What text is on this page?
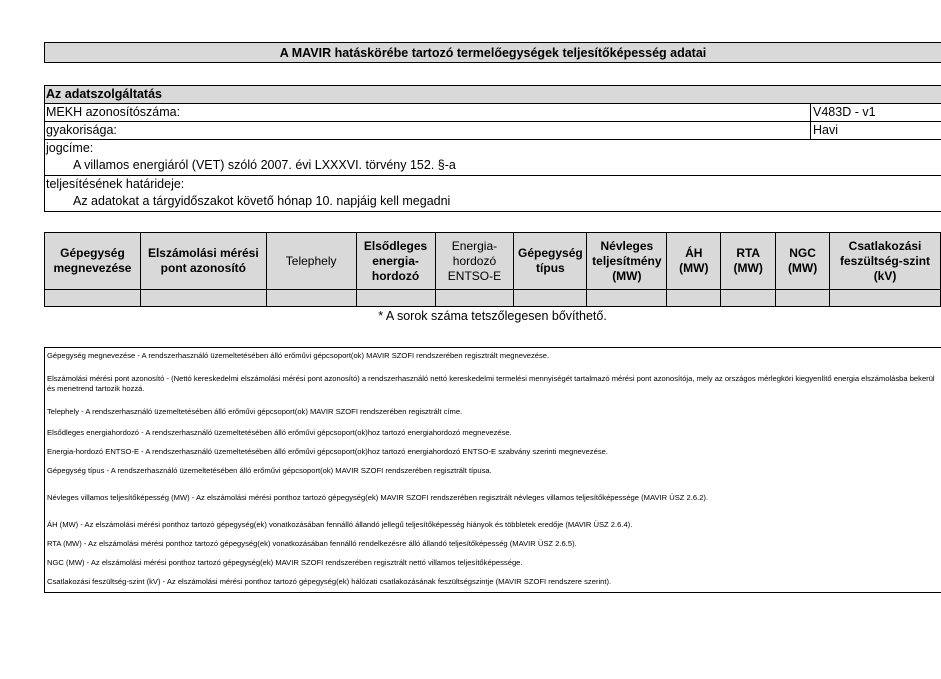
A MAVIR hatáskörébe tartozó termelőegységek teljesítőképesség adatai
Az adatszolgáltatás
MEKH azonosítószáma:	V483D - v1
gyakorisága:	Havi
jogcíme:
A villamos energiáról (VET) szóló 2007. évi LXXXVI. törvény 152. §-a
teljesítésének határideje:
Az adatokat a tárgyidőszakot követő hónap 10. napjáig kell megadni
Gépegység megnevezése	Elszámolási mérési pont azonosító	Telephely	Elsődleges energia-hordozó	Energia-hordozó ENTSO-E	Gépegység típus	Névleges teljesítmény (MW)	ÁH (MW)	RTA (MW)	NGC (MW)	Csatlakozási feszültség-szint (kV)

* A sorok száma tetszőlegesen bővíthető.
Gépegység megnevezése - A rendszerhasználó üzemeltetésében álló erőművi gépcsoport(ok) MAVIR SZOFI rendszerében regisztrált megnevezése.
Elszámolási mérési pont azonosító - (Nettó kereskedelmi elszámolási mérési pont azonosító) a rendszerhasználó nettó kereskedelmi termelési mennyiségét tartalmazó mérési pont azonosítója, mely az országos mérlegköri kiegyenlítő energia elszámolásba bekerül és menetrend tartozik hozzá.
Telephely - A rendszerhasználó üzemeltetésében álló erőművi gépcsoport(ok) MAVIR SZOFI rendszerében regisztrált címe.
Elsődleges energiahordozó - A rendszerhasználó üzemeltetésében álló erőművi gépcsoport(ok)hoz tartozó energiahordozó megnevezése.
Energia-hordozó ENTSO-E - A rendszerhasználó üzemeltetésében álló erőművi gépcsoport(ok)hoz tartozó energiahordozó ENTSO-E szabvány szerinti megnevezése.
Gépegység típus - A rendszerhasználó üzemeltetésében álló erőművi gépcsoport(ok) MAVIR SZOFI rendszerében regisztrált típusa.
Névleges villamos teljesítőképesség (MW) - Az elszámolási mérési ponthoz tartozó gépegység(ek) MAVIR SZOFI rendszerében regisztrált névleges villamos teljesítőképessége (MAVIR ÜSZ 2.6.2).
ÁH (MW) - Az elszámolási mérési ponthoz tartozó gépegység(ek) vonatkozásában fennálló állandó jellegű teljesítőképesség hiányok és többletek eredője (MAVIR ÜSZ 2.6.4).
RTA (MW) - Az elszámolási mérési ponthoz tartozó gépegység(ek) vonatkozásában fennálló rendelkezésre álló állandó teljesítőképesség (MAVIR ÜSZ 2.6.5).
NGC (MW) - Az elszámolási mérési ponthoz tartozó gépegység(ek) MAVIR SZOFI rendszerében regisztrált nettó villamos teljesítőképessége.
Csatlakozási feszültség-szint (kV) - Az elszámolási mérési ponthoz tartozó gépegység(ek) hálózati csatlakozásának feszültségszintje (MAVIR SZOFI rendszere szerint).
